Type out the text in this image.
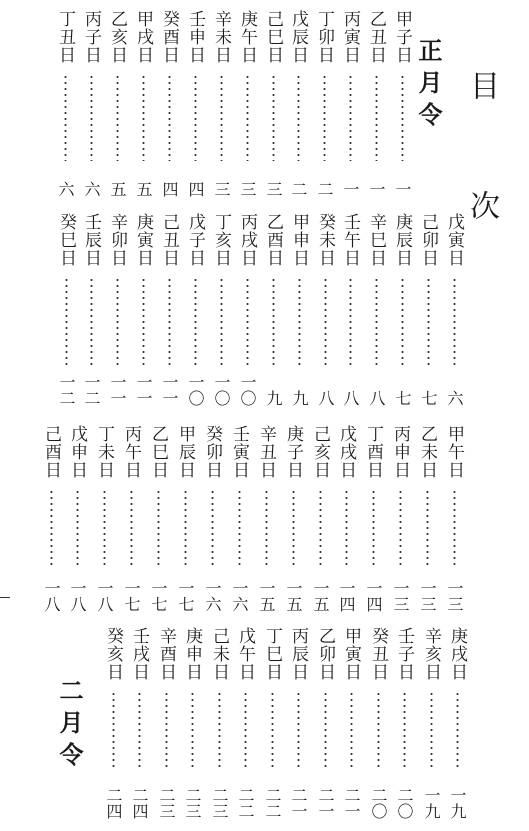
目次
正月令
二月令
甲子日
一
乙丑日
一
丙寅日
一
丁卯日
二
戊辰日
二
己巳日
三
庚午日
三
辛未日
三
壬申日
四
癸酉日
四
甲戌日
五
乙亥日
五
丙子日
六
丁丑日
六
戊寅日
六
己卯日
七
庚辰日
七
辛巳日
八
壬午日
八
癸未日
八
甲申日
九
乙酉日
九
丙戌日
一〇
丁亥日
一〇
戊子日
一〇
己丑日
一一
庚寅日
一一
辛卯日
一一
壬辰日
一二
癸巳日
一二
甲午日
一三
乙未日
一三
丙申日
一三
丁酉日
一四
戊戌日
一四
己亥日
一五
庚子日
一五
辛丑日
一五
壬寅日
一六
癸卯日
一六
甲辰日
一七
乙巳日
一七
丙午日
一七
丁未日
一八
戊申日
一八
己酉日
一八
庚戌日
一九
辛亥日
一九
壬子日
二〇
癸丑日
二〇
甲寅日
二一
乙卯日
二一
丙辰日
二一
丁巳日
二二
戊午日
二二
己未日
二三
庚申日
二三
辛酉日
二三
壬戌日
二四
癸亥日
二四
